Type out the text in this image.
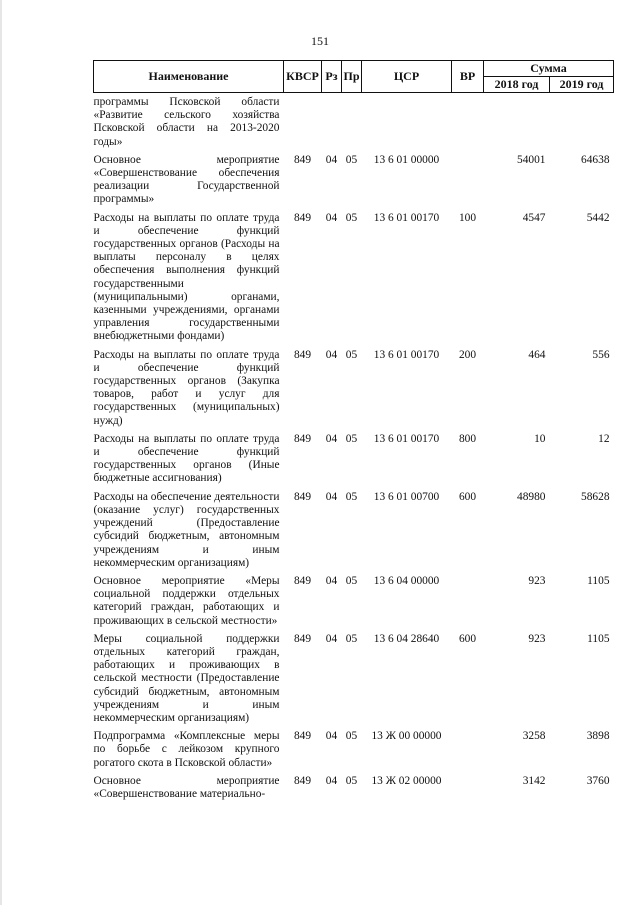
151
Наименование	КВСР	Рз	Пр	ЦСР	ВР	Сумма	
						2018 год	2019 год
программы Псковской области «Развитие сельского хозяйства Псковской области на 2013-2020 годы»							
Основное мероприятие «Совершенствование обеспечения реализации Государственной программы»	849	04	05	13 6 01 00000		54001	64638
Расходы на выплаты по оплате труда и обеспечение функций государственных органов (Расходы на выплаты персоналу в целях обеспечения выполнения функций государственными (муниципальными) органами, казенными учреждениями, органами управления государственными внебюджетными фондами)	849	04	05	13 6 01 00170	100	4547	5442
Расходы на выплаты по оплате труда и обеспечение функций государственных органов (Закупка товаров, работ и услуг для государственных (муниципальных) нужд)	849	04	05	13 6 01 00170	200	464	556
Расходы на выплаты по оплате труда и обеспечение функций государственных органов (Иные бюджетные ассигнования)	849	04	05	13 6 01 00170	800	10	12
Расходы на обеспечение деятельности (оказание услуг) государственных учреждений (Предоставление субсидий бюджетным, автономным учреждениям и иным некоммерческим организациям)	849	04	05	13 6 01 00700	600	48980	58628
Основное мероприятие «Меры социальной поддержки отдельных категорий граждан, работающих и проживающих в сельской местности»	849	04	05	13 6 04 00000		923	1105
Меры социальной поддержки отдельных категорий граждан, работающих и проживающих в сельской местности (Предоставление субсидий бюджетным, автономным учреждениям и иным некоммерческим организациям)	849	04	05	13 6 04 28640	600	923	1105
Подпрограмма «Комплексные меры по борьбе с лейкозом крупного рогатого скота в Псковской области»	849	04	05	13 Ж 00 00000		3258	3898
Основное мероприятие «Совершенствование материально-	849	04	05	13 Ж 02 00000		3142	3760
